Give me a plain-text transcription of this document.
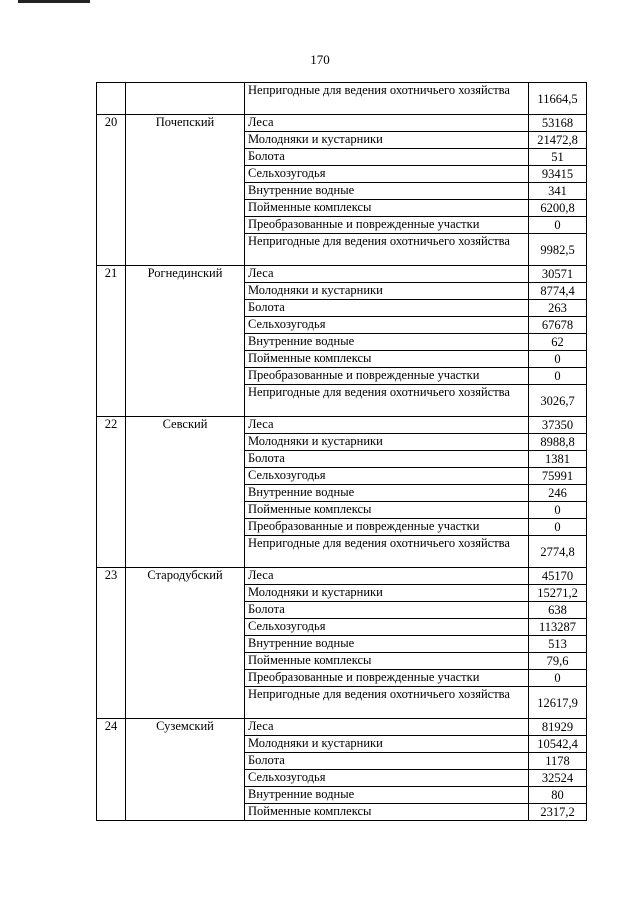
170
		Непригодные для ведения охотничьего хозяйства	11664,5
20	Почепский	Леса	53168
		Молодняки и кустарники	21472,8
		Болота	51
		Сельхозугодья	93415
		Внутренние водные	341
		Пойменные комплексы	6200,8
		Преобразованные и поврежденные участки	0
		Непригодные для ведения охотничьего хозяйства	9982,5
21	Рогнединский	Леса	30571
		Молодняки и кустарники	8774,4
		Болота	263
		Сельхозугодья	67678
		Внутренние водные	62
		Пойменные комплексы	0
		Преобразованные и поврежденные участки	0
		Непригодные для ведения охотничьего хозяйства	3026,7
22	Севский	Леса	37350
		Молодняки и кустарники	8988,8
		Болота	1381
		Сельхозугодья	75991
		Внутренние водные	246
		Пойменные комплексы	0
		Преобразованные и поврежденные участки	0
		Непригодные для ведения охотничьего хозяйства	2774,8
23	Стародубский	Леса	45170
		Молодняки и кустарники	15271,2
		Болота	638
		Сельхозугодья	113287
		Внутренние водные	513
		Пойменные комплексы	79,6
		Преобразованные и поврежденные участки	0
		Непригодные для ведения охотничьего хозяйства	12617,9
24	Суземский	Леса	81929
		Молодняки и кустарники	10542,4
		Болота	1178
		Сельхозугодья	32524
		Внутренние водные	80
		Пойменные комплексы	2317,2
